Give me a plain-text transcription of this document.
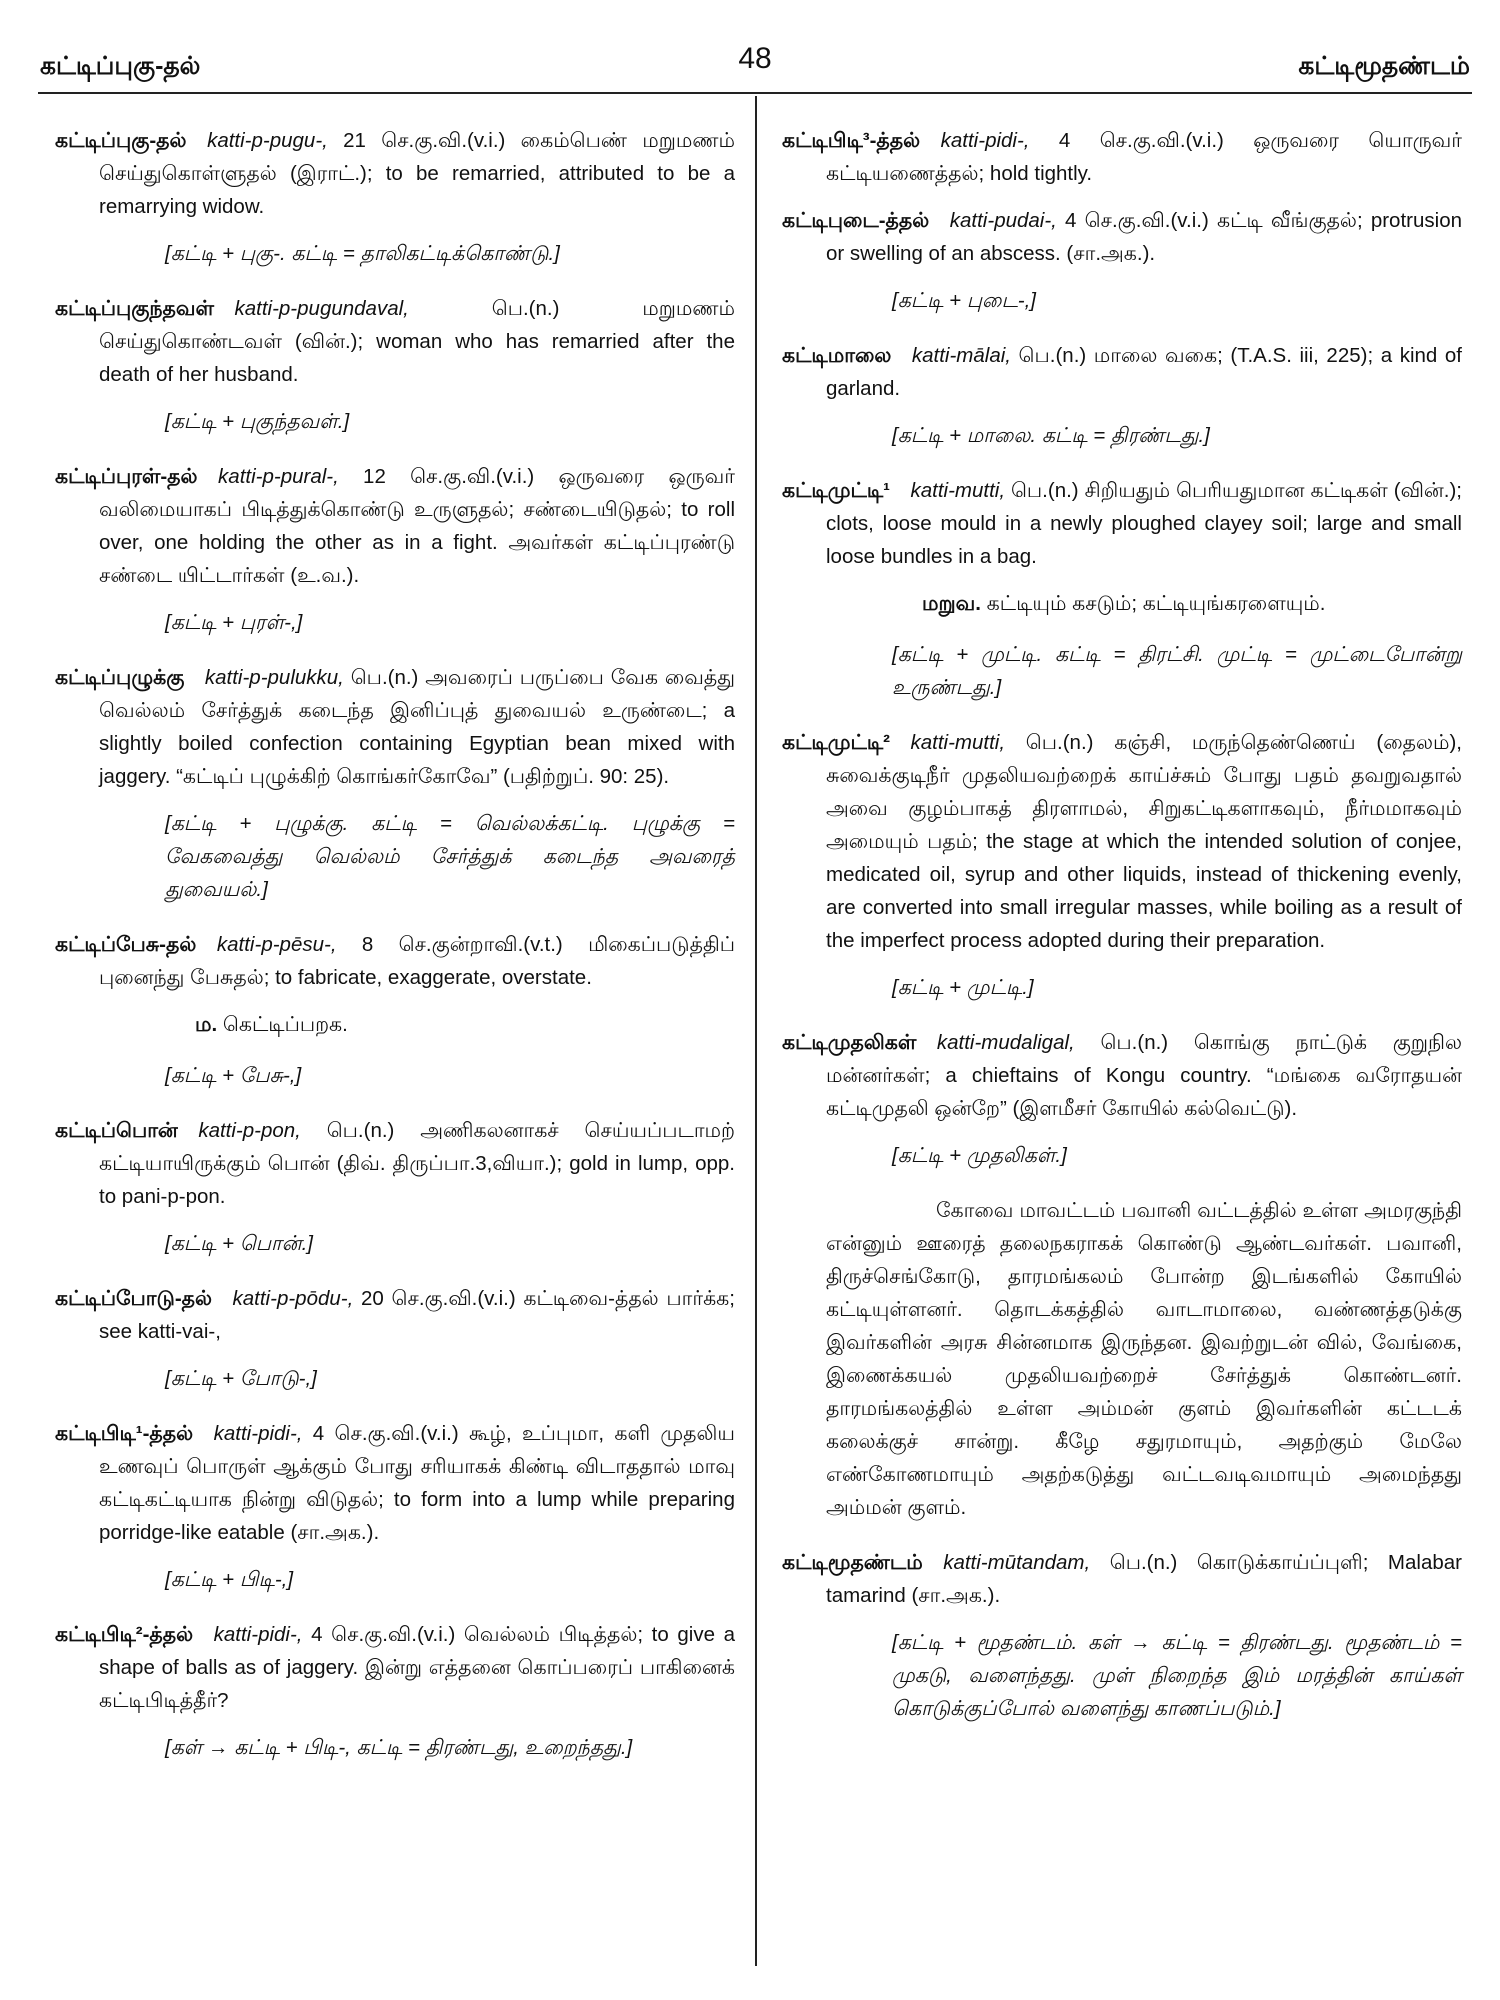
கட்டிப்புகு-தல்	48	கட்டிமூதண்டம்
கட்டிப்புகு-தல்  katti-p-pugu-, 21 செ.கு.வி.(v.i.) கைம்பெண் மறுமணம் செய்துகொள்ளுதல் (இராட்.); to be remarried, attributed to be a remarrying widow.
[கட்டி + புகு-. கட்டி = தாலிகட்டிக்கொண்டு.]
கட்டிப்புகுந்தவள்  katti-p-pugundaval, பெ.(n.) மறுமணம் செய்துகொண்டவள் (வின்.); woman who has remarried after the death of her husband.
[கட்டி + புகுந்தவள்.]
கட்டிப்புரள்-தல்  katti-p-pural-, 12 செ.கு.வி.(v.i.) ஒருவரை ஒருவர் வலிமையாகப் பிடித்துக்கொண்டு உருளுதல்; சண்டையிடுதல்; to roll over, one holding the other as in a fight. அவர்கள் கட்டிப்புரண்டு சண்டை யிட்டார்கள் (உ.வ.).
[கட்டி + புரள்-,]
கட்டிப்புழுக்கு  katti-p-pulukku, பெ.(n.) அவரைப் பருப்பை வேக வைத்து வெல்லம் சேர்த்துக் கடைந்த இனிப்புத் துவையல் உருண்டை; a slightly boiled confection containing Egyptian bean mixed with jaggery. “கட்டிப் புழுக்கிற் கொங்கர்கோவே” (பதிற்றுப். 90: 25).
[கட்டி + புழுக்கு. கட்டி = வெல்லக்கட்டி. புழுக்கு = வேகவைத்து வெல்லம் சேர்த்துக் கடைந்த அவரைத் துவையல்.]
கட்டிப்பேசு-தல்  katti-p-pēsu-, 8 செ.குன்றாவி.(v.t.) மிகைப்படுத்திப் புனைந்து பேசுதல்; to fabricate, exaggerate, overstate.
ம. கெட்டிப்பறக.
[கட்டி + பேசு-,]
கட்டிப்பொன்  katti-p-pon, பெ.(n.) அணிகலனாகச் செய்யப்படாமற் கட்டியாயிருக்கும் பொன் (திவ். திருப்பா.3,வியா.); gold in lump, opp. to pani-p-pon.
[கட்டி + பொன்.]
கட்டிப்போடு-தல்  katti-p-pōdu-, 20 செ.கு.வி.(v.i.) கட்டிவை-த்தல் பார்க்க; see katti-vai-,
[கட்டி + போடு-,]
கட்டிபிடி¹-த்தல்  katti-pidi-, 4 செ.கு.வி.(v.i.) கூழ், உப்புமா, களி முதலிய உணவுப் பொருள் ஆக்கும் போது சரியாகக் கிண்டி விடாததால் மாவு கட்டிகட்டியாக நின்று விடுதல்; to form into a lump while preparing porridge-like eatable (சா.அக.).
[கட்டி + பிடி-,]
கட்டிபிடி²-த்தல்  katti-pidi-, 4 செ.கு.வி.(v.i.) வெல்லம் பிடித்தல்; to give a shape of balls as of jaggery. இன்று எத்தனை கொப்பரைப் பாகினைக் கட்டிபிடித்தீர்?
[கள் → கட்டி + பிடி-, கட்டி = திரண்டது, உறைந்தது.]
கட்டிபிடி³-த்தல்  katti-pidi-, 4 செ.கு.வி.(v.i.) ஒருவரை யொருவர் கட்டியணைத்தல்; hold tightly.
கட்டிபுடை-த்தல்  katti-pudai-, 4 செ.கு.வி.(v.i.) கட்டி வீங்குதல்; protrusion or swelling of an abscess. (சா.அக.).
[கட்டி + புடை-,]
கட்டிமாலை  katti-mālai, பெ.(n.) மாலை வகை; (T.A.S. iii, 225); a kind of garland.
[கட்டி + மாலை. கட்டி = திரண்டது.]
கட்டிமுட்டி¹  katti-mutti, பெ.(n.) சிறியதும் பெரியதுமான கட்டிகள் (வின்.); clots, loose mould in a newly ploughed clayey soil; large and small loose bundles in a bag.
மறுவ. கட்டியும் கசடும்; கட்டியுங்கரளையும்.
[கட்டி + முட்டி. கட்டி = திரட்சி. முட்டி = முட்டைபோன்று உருண்டது.]
கட்டிமுட்டி²  katti-mutti, பெ.(n.) கஞ்சி, மருந்தெண்ணெய் (தைலம்), சுவைக்குடிநீர் முதலியவற்றைக் காய்ச்சும் போது பதம் தவறுவதால் அவை குழம்பாகத் திரளாமல், சிறுகட்டிகளாகவும், நீர்மமாகவும் அமையும் பதம்; the stage at which the intended solution of conjee, medicated oil, syrup and other liquids, instead of thickening evenly, are converted into small irregular masses, while boiling as a result of the imperfect process adopted during their preparation.
[கட்டி + முட்டி.]
கட்டிமுதலிகள்  katti-mudaligal, பெ.(n.) கொங்கு நாட்டுக் குறுநில மன்னர்கள்; a chieftains of Kongu country. “மங்கை வரோதயன் கட்டிமுதலி ஒன்றே” (இளமீசர் கோயில் கல்வெட்டு).
[கட்டி + முதலிகள்.]
கோவை மாவட்டம் பவானி வட்டத்தில் உள்ள அமரகுந்தி என்னும் ஊரைத் தலைநகராகக் கொண்டு ஆண்டவர்கள். பவானி, திருச்செங்கோடு, தாரமங்கலம் போன்ற இடங்களில் கோயில் கட்டியுள்ளனர். தொடக்கத்தில் வாடாமாலை, வண்ணத்தடுக்கு இவர்களின் அரசு சின்னமாக இருந்தன. இவற்றுடன் வில், வேங்கை, இணைக்கயல் முதலியவற்றைச் சேர்த்துக் கொண்டனர். தாரமங்கலத்தில் உள்ள அம்மன் குளம் இவர்களின் கட்டடக் கலைக்குச் சான்று. கீழே சதுரமாயும், அதற்கும் மேலே எண்கோணமாயும் அதற்கடுத்து வட்டவடிவமாயும் அமைந்தது அம்மன் குளம்.
கட்டிமூதண்டம்  katti-mūtandam, பெ.(n.) கொடுக்காய்ப்புளி; Malabar tamarind (சா.அக.).
[கட்டி + மூதண்டம். கள் → கட்டி = திரண்டது. மூதண்டம் = முகடு, வளைந்தது. முள் நிறைந்த இம் மரத்தின் காய்கள் கொடுக்குப்போல் வளைந்து காணப்படும்.]
